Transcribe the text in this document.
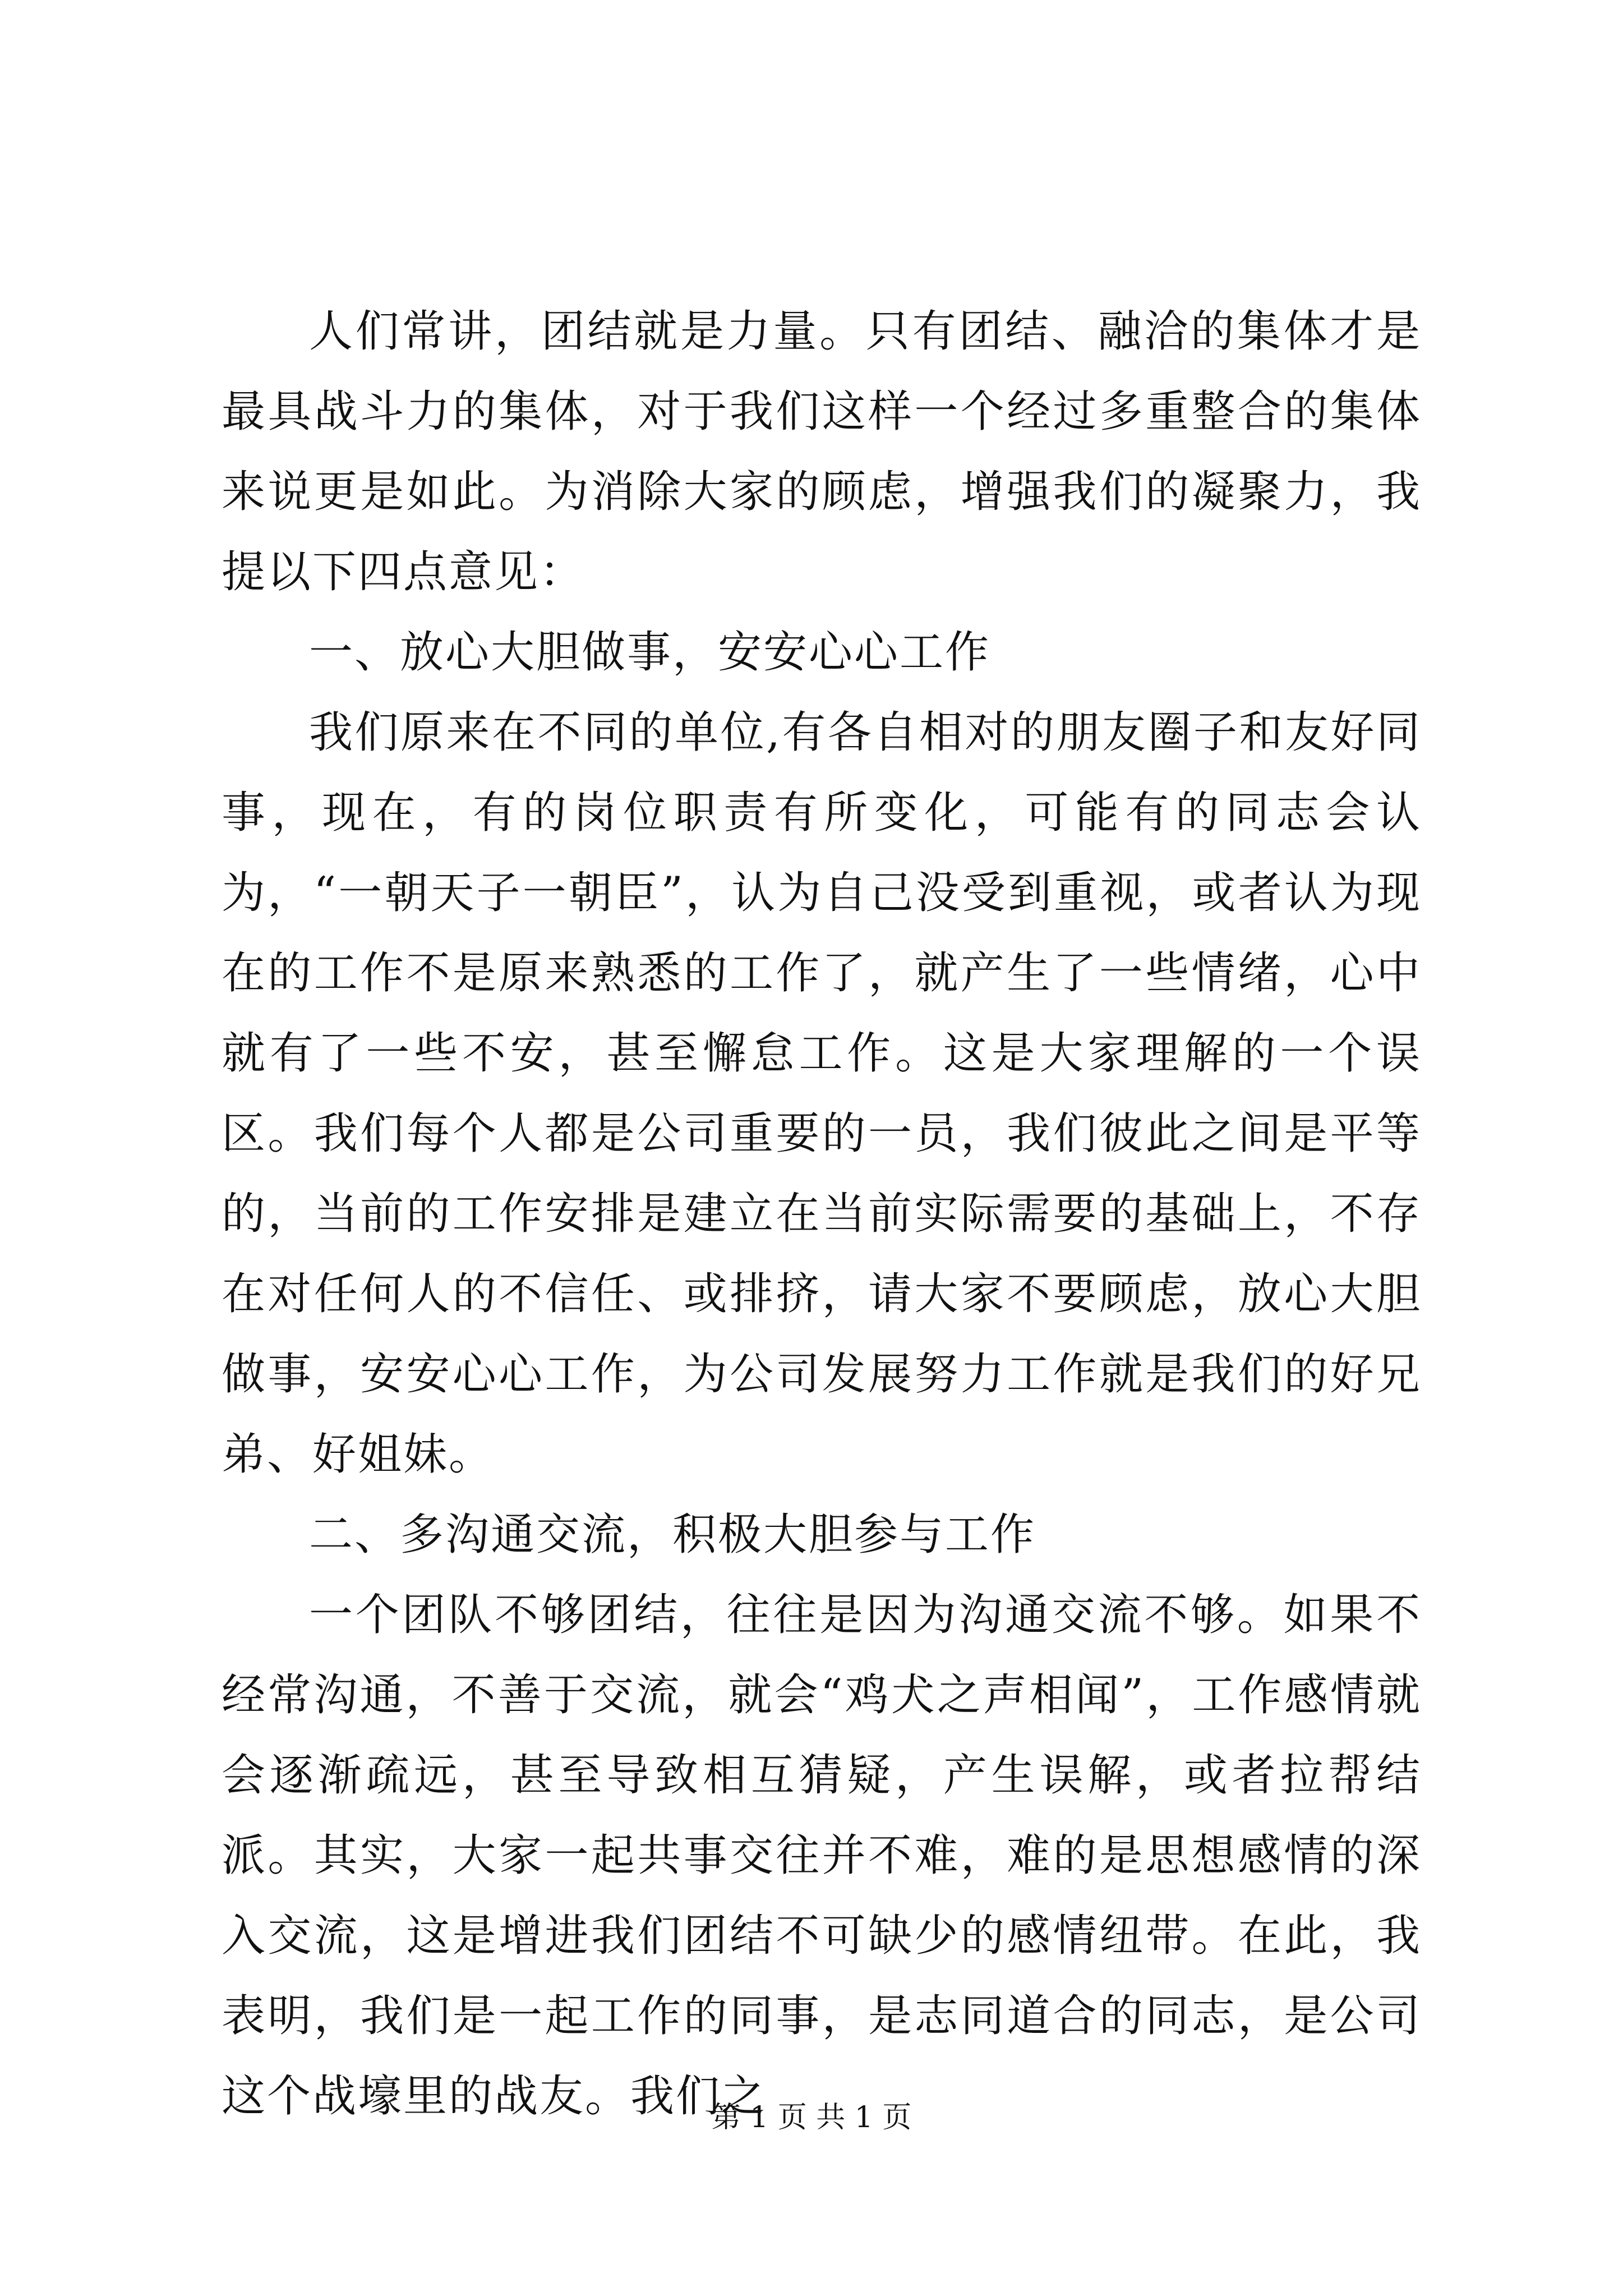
人们常讲，团结就是力量。只有团结、融洽的集体才是最具战斗力的集体，对于我们这样一个经过多重整合的集体来说更是如此。为消除大家的顾虑，增强我们的凝聚力，我提以下四点意见：

一、放心大胆做事，安安心心工作

我们原来在不同的单位,有各自相对的朋友圈子和友好同事，现在，有的岗位职责有所变化，可能有的同志会认为，“一朝天子一朝臣”，认为自己没受到重视，或者认为现在的工作不是原来熟悉的工作了，就产生了一些情绪，心中就有了一些不安，甚至懈怠工作。这是大家理解的一个误区。我们每个人都是公司重要的一员，我们彼此之间是平等的，当前的工作安排是建立在当前实际需要的基础上，不存在对任何人的不信任、或排挤，请大家不要顾虑，放心大胆做事，安安心心工作，为公司发展努力工作就是我们的好兄弟、好姐妹。

二、多沟通交流，积极大胆参与工作

一个团队不够团结，往往是因为沟通交流不够。如果不经常沟通，不善于交流，就会“鸡犬之声相闻”，工作感情就会逐渐疏远，甚至导致相互猜疑，产生误解，或者拉帮结派。其实，大家一起共事交往并不难，难的是思想感情的深入交流，这是增进我们团结不可缺少的感情纽带。在此，我表明，我们是一起工作的同事，是志同道合的同志，是公司这个战壕里的战友。我们之

第 1 页 共 1 页
